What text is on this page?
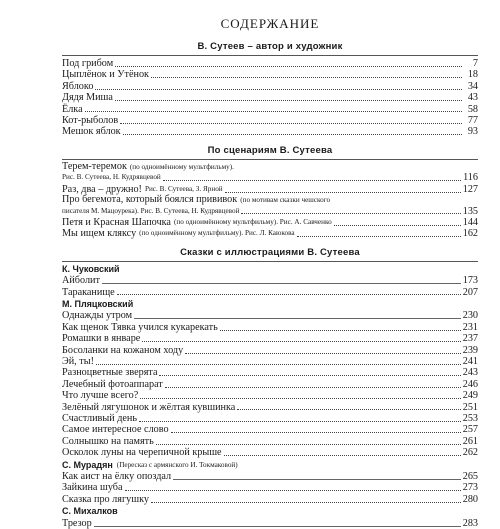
СОДЕРЖАНИЕ
В. Сутеев – автор и художник
Под грибом	7
Цыплёнок и Утёнок	18
Яблоко	34
Дядя Миша	43
Ёлка	58
Кот-рыболов	77
Мешок яблок	93
По сценариям В. Сутеева
Терем-теремок (по одноимённому мультфильму).
Рис. В. Сутеева, Н. Кудрявцевой	116
Раз, два – дружно! Рис. В. Сутеева, З. Ярной	127
Про бегемота, который боялся прививок (по мотивам сказки чешского
писателя М. Мацоурека). Рис. В. Сутеева, Н. Кудрявцевой	135
Петя и Красная Шапочка (по одноимённому мультфильму). Рис. А. Савченко	144
Мы ищем кляксу (по одноимённому мультфильму). Рис. Л. Каюкова	162
Сказки с иллюстрациями В. Сутеева
К. Чуковский
Айболит	173
Тараканище	207
М. Пляцковский
Однажды утром	230
Как щенок Тявка учился кукарекать	231
Ромашки в январе	237
Босоланки на кожаном ходу	239
Эй, ты!	241
Разноцветные зверята	243
Лечебный фотоаппарат	246
Что лучше всего?	249
Зелёный лягушонок и жёлтая кувшинка	251
Счастливый день	253
Самое интересное слово	257
Солнышко на память	261
Осколок луны на черепичной крыше	262
С. Мурадян (Пересказ с армянского И. Токмаковой)
Как аист на ёлку опоздал	265
Зайкина шуба	273
Сказка про лягушку	280
С. Михалков
Трезор	283
